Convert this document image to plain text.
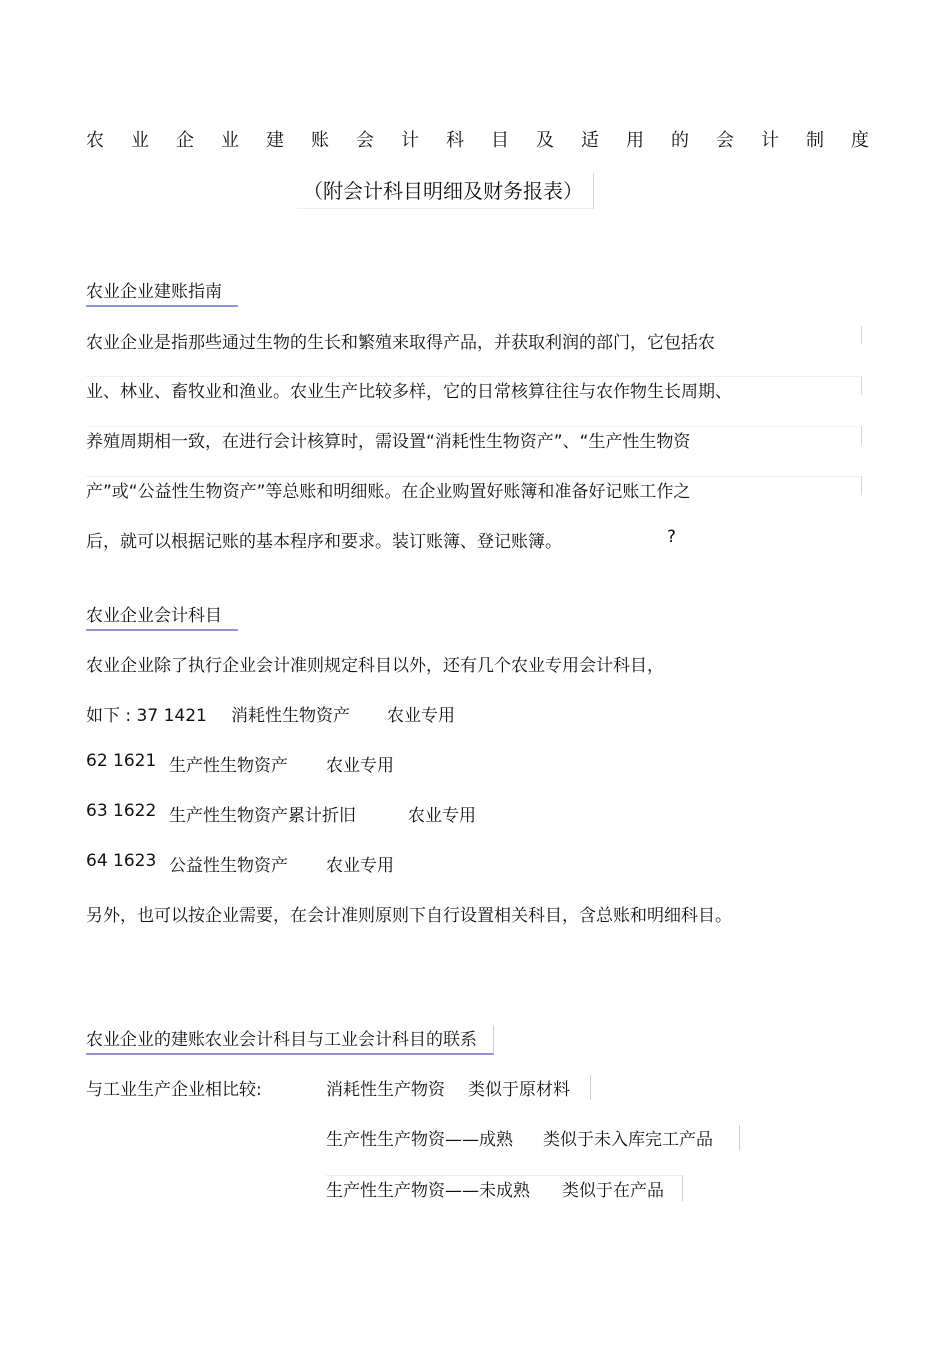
农业企业建账会计科目及适用的会计制度
（附会计科目明细及财务报表）
农业企业建账指南
农业企业是指那些通过生物的生长和繁殖来取得产品，并获取利润的部门，它包括农
业、林业、畜牧业和渔业。农业生产比较多样，它的日常核算往往与农作物生长周期、
养殖周期相一致，在进行会计核算时，需设置“消耗性生物资产”、“生产性生物资
产”或“公益性生物资产”等总账和明细账。在企业购置好账簿和准备好记账工作之
后，就可以根据记账的基本程序和要求。装订账簿、登记账簿。	?
农业企业会计科目
农业企业除了执行企业会计准则规定科目以外，还有几个农业专用会计科目，
如下 : 37 1421 消耗性生物资产 农业专用
62 1621 生产性生物资产 农业专用
63 1622 生产性生物资产累计折旧	农业专用
64 1623 公益性生物资产 农业专用
另外，也可以按企业需要，在会计准则原则下自行设置相关科目，含总账和明细科目。
农业企业的建账农业会计科目与工业会计科目的联系
与工业生产企业相比较:	消耗性生产物资 类似于原材料
生产性生产物资——成熟 类似于未入库完工产品
生产性生产物资——未成熟 类似于在产品
